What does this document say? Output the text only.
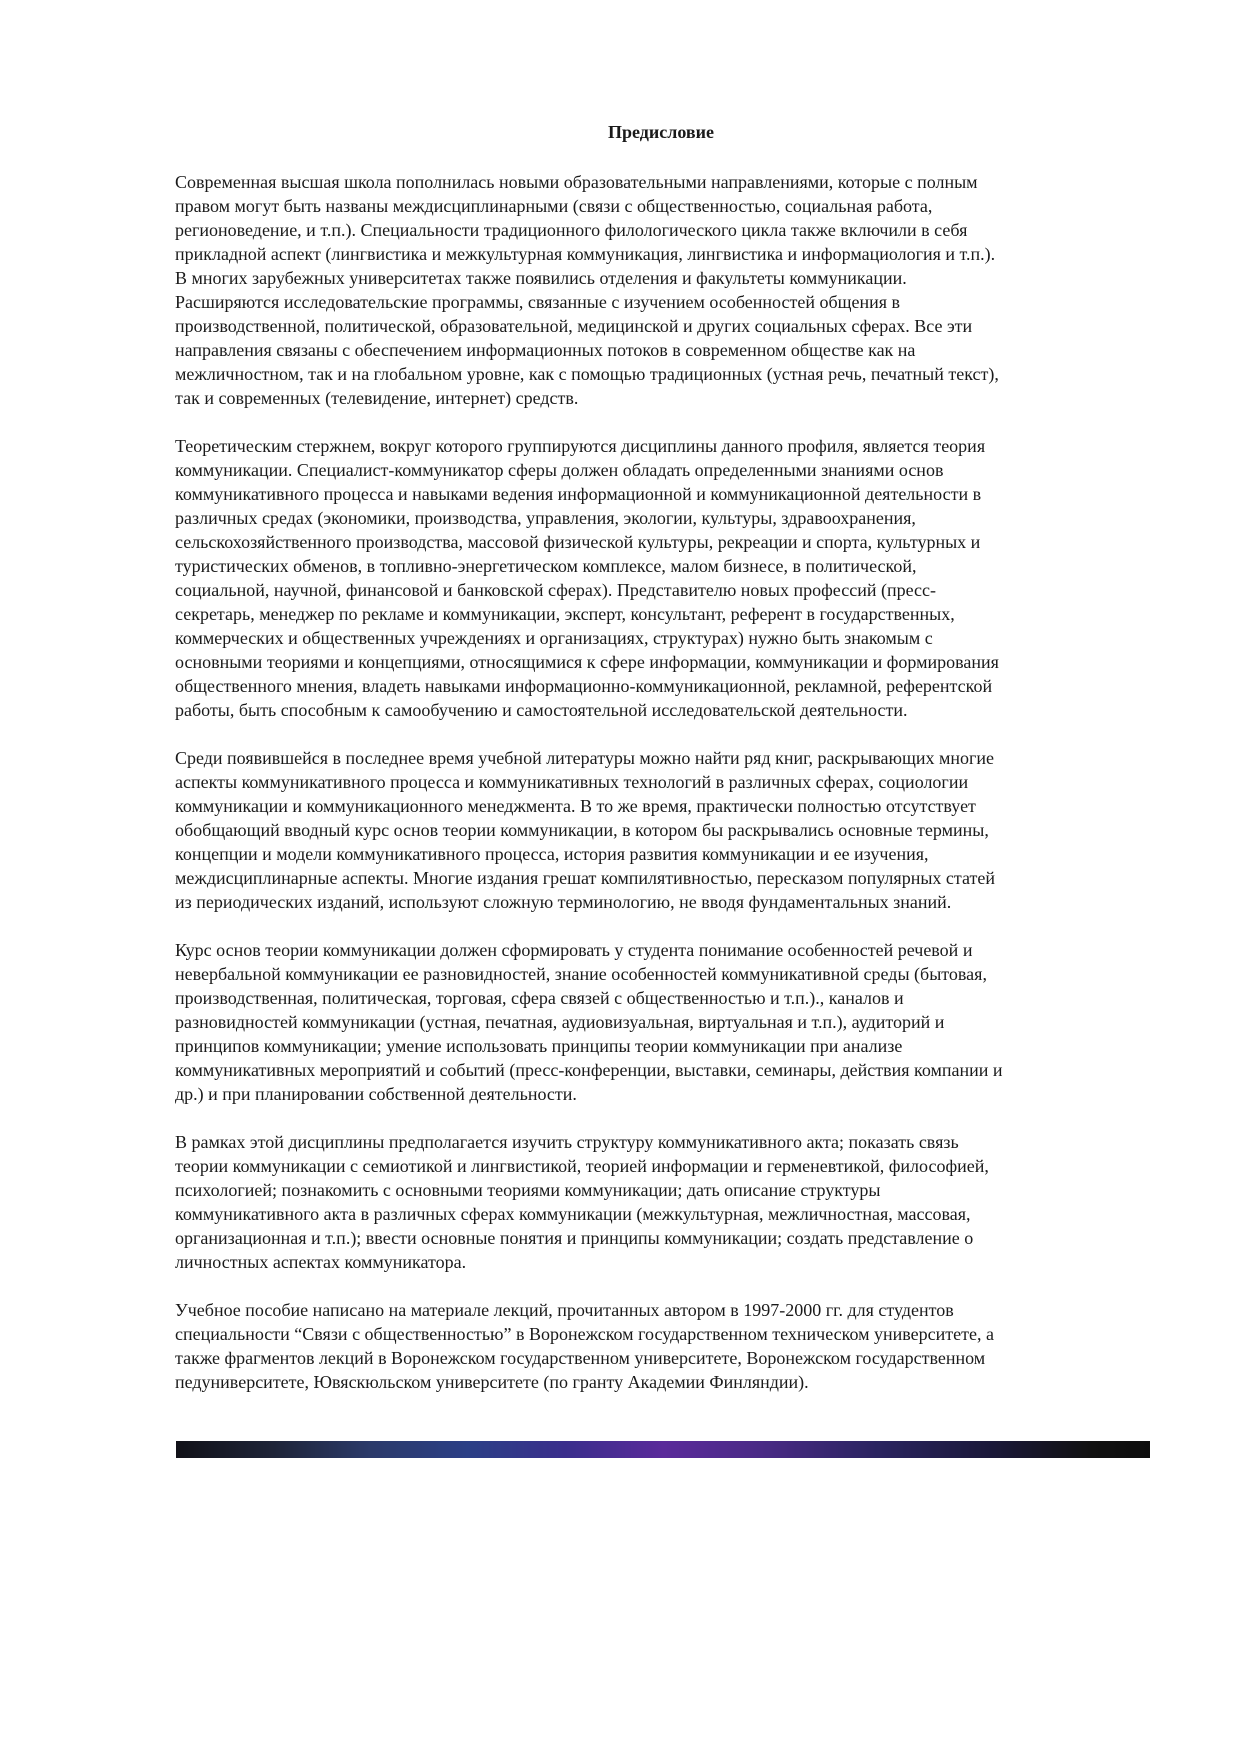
Предисловие
Современная высшая школа пополнилась новыми образовательными направлениями, которые с полным
правом могут быть названы междисциплинарными (связи с общественностью, социальная работа,
регионоведение, и т.п.). Специальности традиционного филологического цикла также включили в себя
прикладной аспект (лингвистика и межкультурная коммуникация, лингвистика и информациология и т.п.).
В многих зарубежных университетах также появились отделения и факультеты коммуникации.
Расширяются исследовательские программы, связанные с изучением особенностей общения в
производственной, политической, образовательной, медицинской и других социальных сферах. Все эти
направления связаны с обеспечением информационных потоков в современном обществе как на
межличностном, так и на глобальном уровне, как с помощью традиционных (устная речь, печатный текст),
так и современных (телевидение, интернет) средств.
Теоретическим стержнем, вокруг которого группируются дисциплины данного профиля, является теория
коммуникации. Специалист-коммуникатор сферы должен обладать определенными знаниями основ
коммуникативного процесса и навыками ведения информационной и коммуникационной деятельности в
различных средах (экономики, производства, управления, экологии, культуры, здравоохранения,
сельскохозяйственного производства, массовой физической культуры, рекреации и спорта, культурных и
туристических обменов, в топливно-энергетическом комплексе, малом бизнесе, в политической,
социальной, научной, финансовой и банковской сферах). Представителю новых профессий (пресс-
секретарь, менеджер по рекламе и коммуникации, эксперт, консультант, референт в государственных,
коммерческих и общественных учреждениях и организациях, структурах) нужно быть знакомым с
основными теориями и концепциями, относящимися к сфере информации, коммуникации и формирования
общественного мнения, владеть навыками информационно-коммуникационной, рекламной, референтской
работы, быть способным к самообучению и самостоятельной исследовательской деятельности.
Среди появившейся в последнее время учебной литературы можно найти ряд книг, раскрывающих многие
аспекты коммуникативного процесса и коммуникативных технологий в различных сферах, социологии
коммуникации и коммуникационного менеджмента. В то же время, практически полностью отсутствует
обобщающий вводный курс основ теории коммуникации, в котором бы раскрывались основные термины,
концепции и модели коммуникативного процесса, история развития коммуникации и ее изучения,
междисциплинарные аспекты. Многие издания грешат компилятивностью, пересказом популярных статей
из периодических изданий, используют сложную терминологию, не вводя фундаментальных знаний.
Курс основ теории коммуникации должен сформировать у студента понимание особенностей речевой и
невербальной коммуникации ее разновидностей, знание особенностей коммуникативной среды (бытовая,
производственная, политическая, торговая, сфера связей с общественностью и т.п.)., каналов и
разновидностей коммуникации (устная, печатная, аудиовизуальная, виртуальная и т.п.), аудиторий и
принципов коммуникации; умение использовать принципы теории коммуникации при анализе
коммуникативных мероприятий и событий (пресс-конференции, выставки, семинары, действия компании и
др.) и при планировании собственной деятельности.
В рамках этой дисциплины предполагается изучить структуру коммуникативного акта; показать связь
теории коммуникации с семиотикой и лингвистикой, теорией информации и герменевтикой, философией,
психологией; познакомить с основными теориями коммуникации; дать описание структуры
коммуникативного акта в различных сферах коммуникации (межкультурная, межличностная, массовая,
организационная и т.п.); ввести основные понятия и принципы коммуникации; создать представление о
личностных аспектах коммуникатора.
Учебное пособие написано на материале лекций, прочитанных автором в 1997-2000 гг. для студентов
специальности “Связи с общественностью” в Воронежском государственном техническом университете, а
также фрагментов лекций в Воронежском государственном университете, Воронежском государственном
педуниверситете, Ювяскюльском университете (по гранту Академии Финляндии).
